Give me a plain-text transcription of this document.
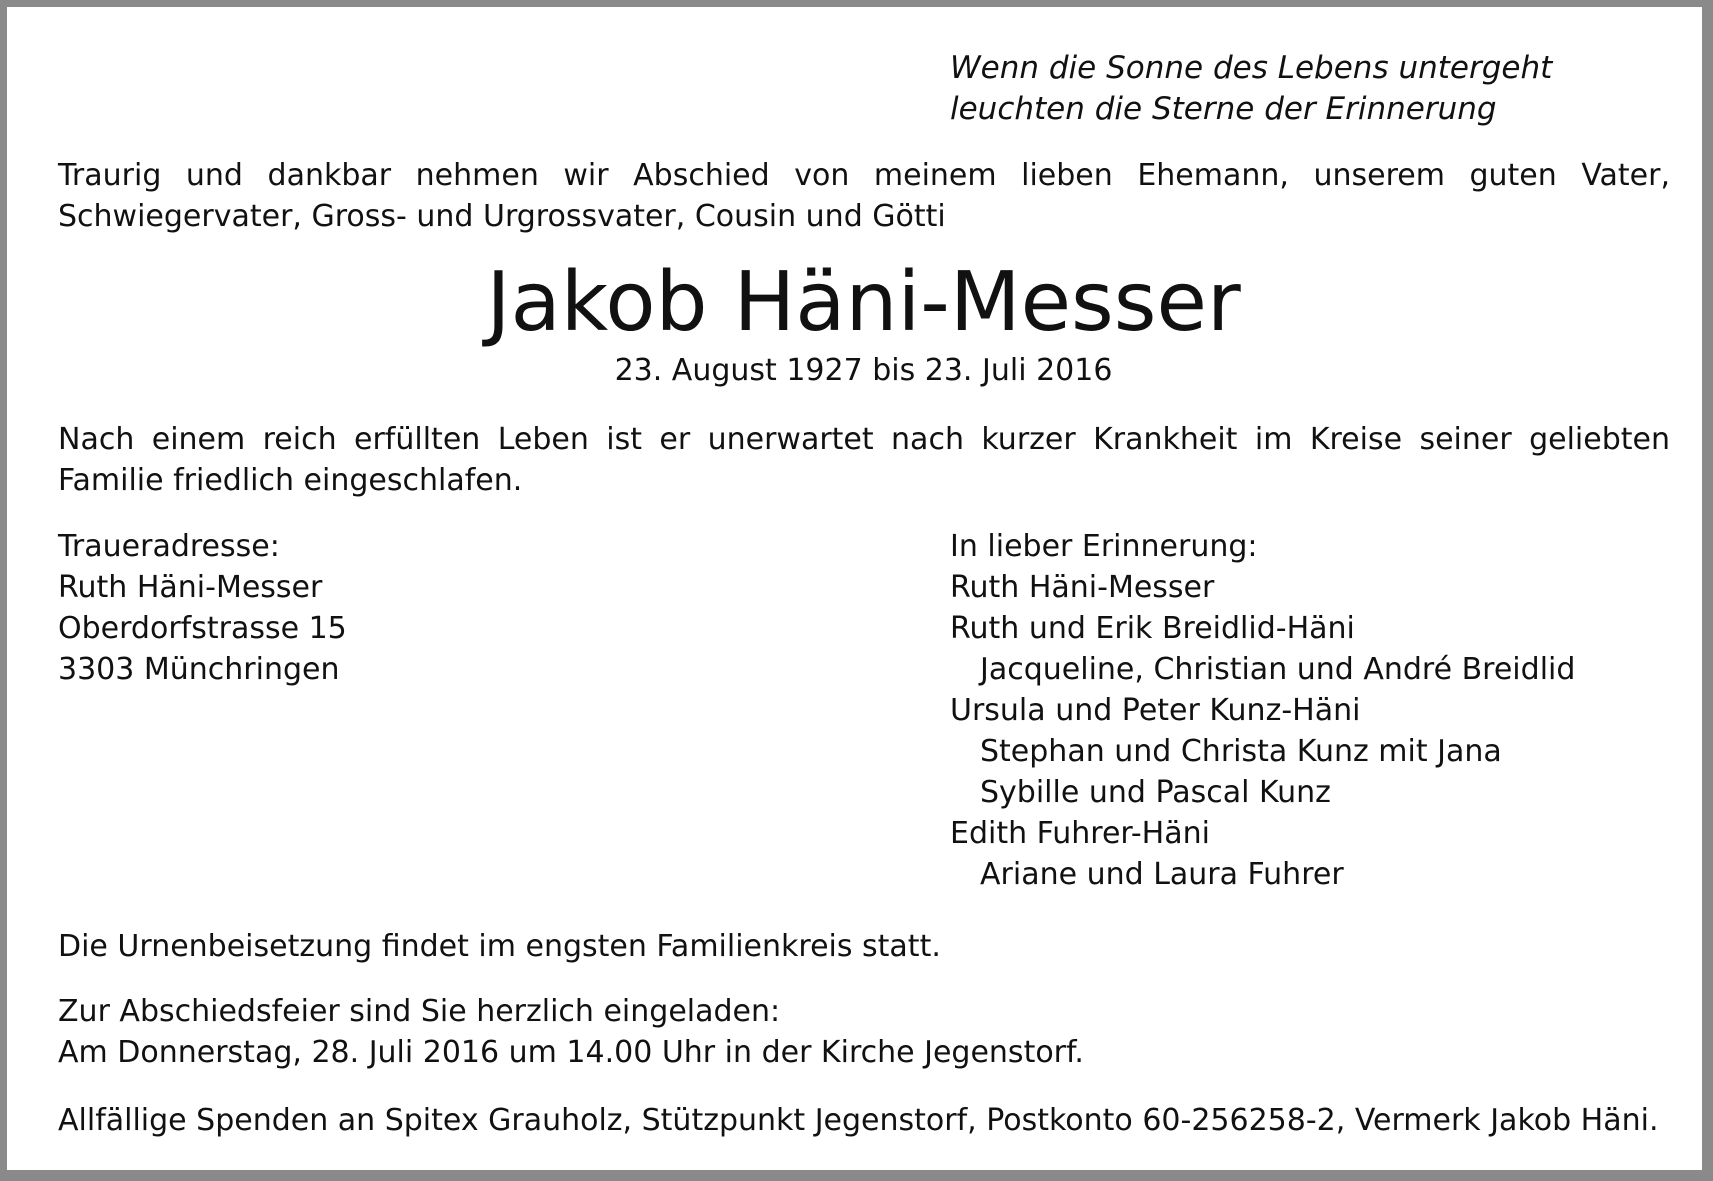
Wenn die Sonne des Lebens untergeht
leuchten die Sterne der Erinnerung
Traurig und dankbar nehmen wir Abschied von meinem lieben Ehemann, unserem guten Vater,
Schwiegervater, Gross- und Urgrossvater, Cousin und Götti
Jakob Häni-Messer
23. August 1927 bis 23. Juli 2016
Nach einem reich erfüllten Leben ist er unerwartet nach kurzer Krankheit im Kreise seiner geliebten
Familie friedlich eingeschlafen.
Traueradresse:
Ruth Häni-Messer
Oberdorfstrasse 15
3303 Münchringen
In lieber Erinnerung:
Ruth Häni-Messer
Ruth und Erik Breidlid-Häni
Jacqueline, Christian und André Breidlid
Ursula und Peter Kunz-Häni
Stephan und Christa Kunz mit Jana
Sybille und Pascal Kunz
Edith Fuhrer-Häni
Ariane und Laura Fuhrer
Die Urnenbeisetzung findet im engsten Familienkreis statt.
Zur Abschiedsfeier sind Sie herzlich eingeladen:
Am Donnerstag, 28. Juli 2016 um 14.00 Uhr in der Kirche Jegenstorf.
Allfällige Spenden an Spitex Grauholz, Stützpunkt Jegenstorf, Postkonto 60-256258-2, Vermerk Jakob Häni.
